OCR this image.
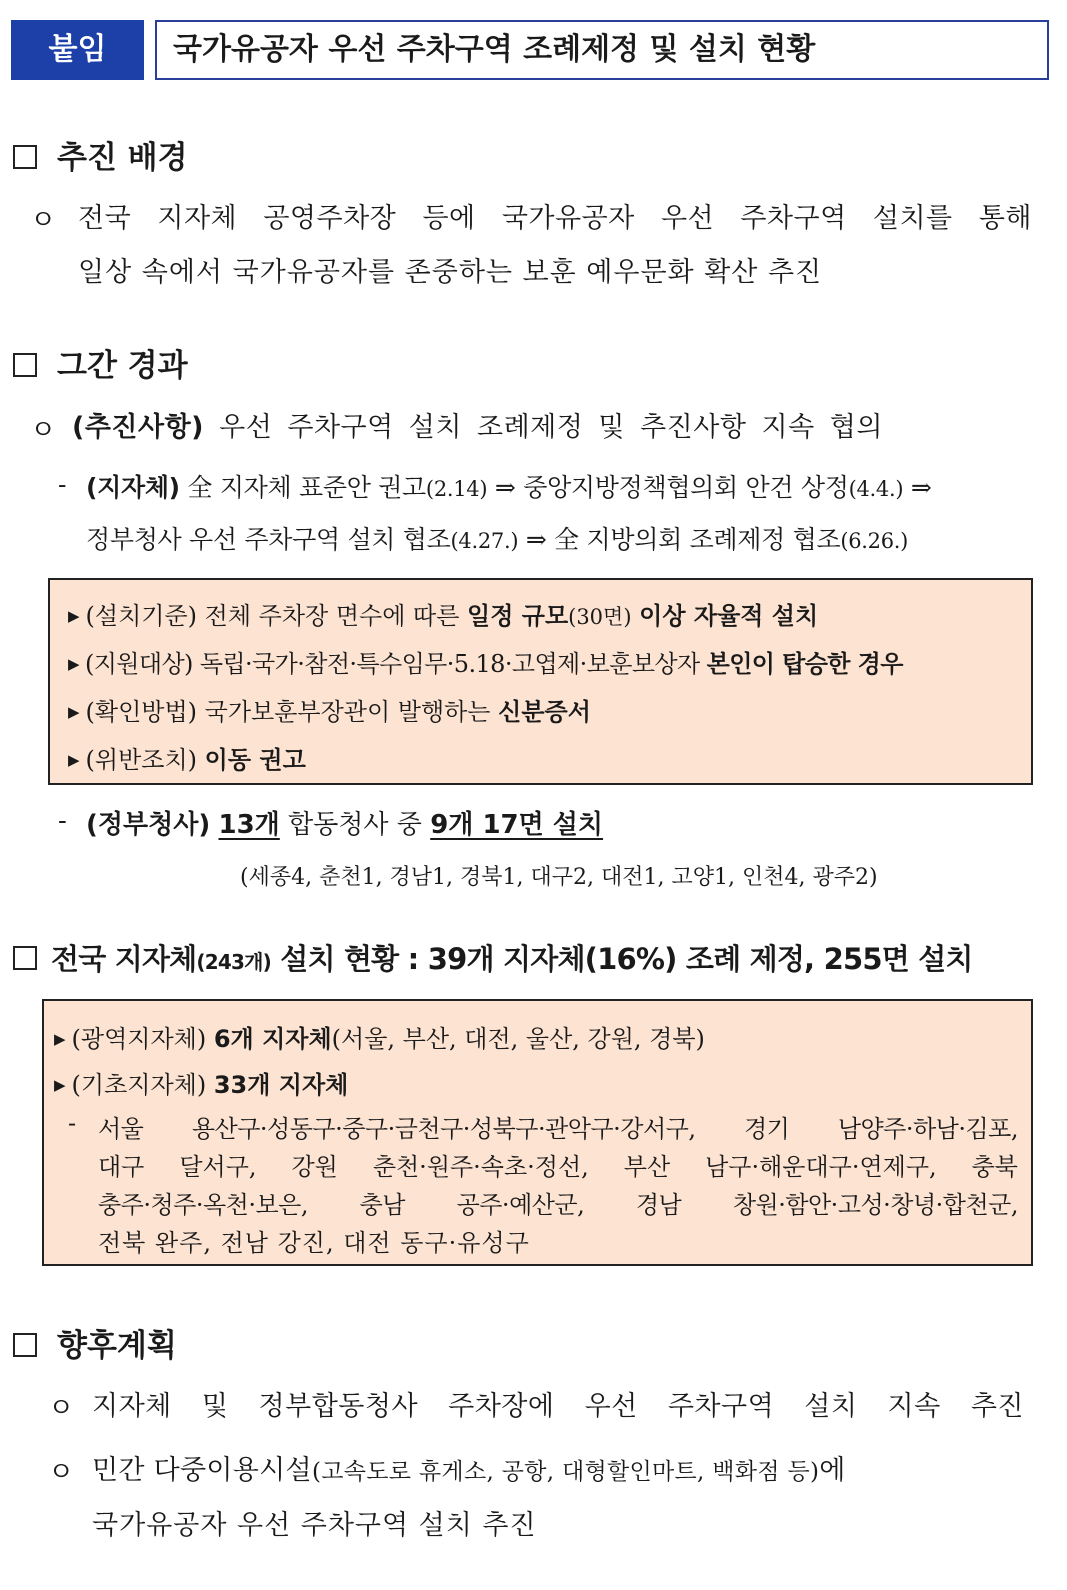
붙임	국가유공자 우선 주차구역 조례제정 및 설치 현황
추진 배경
ㅇ 전국 지자체 공영주차장 등에 국가유공자 우선 주차구역 설치를 통해
일상 속에서 국가유공자를 존중하는 보훈 예우문화 확산 추진
그간 경과
ㅇ (추진사항) 우선 주차구역 설치 조례제정 및 추진사항 지속 협의
- (지자체) 全 지자체 표준안 권고(2.14) ⇒ 중앙지방정책협의회 안건 상정(4.4.) ⇒
정부청사 우선 주차구역 설치 협조(4.27.) ⇒ 全 지방의회 조례제정 협조(6.26.)
▶ (설치기준) 전체 주차장 면수에 따른 일정 규모(30면) 이상 자율적 설치
▶ (지원대상) 독립·국가·참전·특수임무·5.18·고엽제·보훈보상자 본인이 탑승한 경우
▶ (확인방법) 국가보훈부장관이 발행하는 신분증서
▶ (위반조치) 이동 권고
- (정부청사) 13개 합동청사 중 9개 17면 설치
(세종4, 춘천1, 경남1, 경북1, 대구2, 대전1, 고양1, 인천4, 광주2)
전국 지자체(243개) 설치 현황 : 39개 지자체(16%) 조례 제정, 255면 설치
▶ (광역지자체) 6개 지자체(서울, 부산, 대전, 울산, 강원, 경북)
▶ (기초지자체) 33개 지자체
- 서울 용산구·성동구·중구·금천구·성북구·관악구·강서구, 경기 남양주·하남·김포,
대구 달서구, 강원 춘천·원주·속초·정선, 부산 남구·해운대구·연제구, 충북
충주·청주·옥천·보은, 충남 공주·예산군, 경남 창원·함안·고성·창녕·합천군,
전북 완주, 전남 강진, 대전 동구·유성구
향후계획
ㅇ 지자체 및 정부합동청사 주차장에 우선 주차구역 설치 지속 추진
ㅇ 민간 다중이용시설(고속도로 휴게소, 공항, 대형할인마트, 백화점 등)에
국가유공자 우선 주차구역 설치 추진
